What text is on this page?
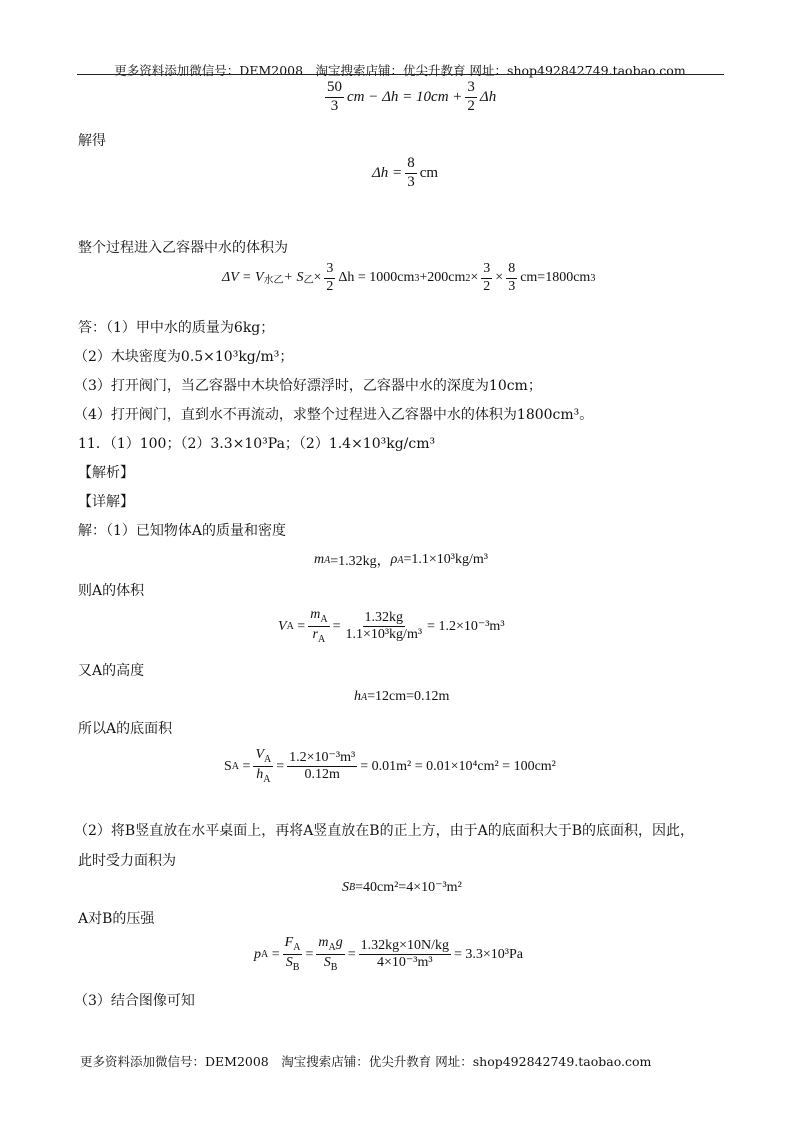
更多资料添加微信号：DEM2008　淘宝搜索店铺：优尖升教育 网址：shop492842749.taobao.com
$\frac{50}{3}$ cm − $\Delta h = 10cm + \frac{3}{2}$ Δh
解得
$\Delta h = \frac{8}{3}$ cm
整个过程进入乙容器中水的体积为
ΔV = V 水乙 + S 乙 × $\frac{3}{2}$ Δh = 1000cm 3 +200cm $2 \times \frac{3}{2} \times \frac{8}{3} cm=1800cm$ 3
答：（1）甲中水的质量为6kg；
（2）木块密度为0.5×10³kg/m³；
（3）打开阀门，当乙容器中木块恰好漂浮时，乙容器中水的深度为10cm；
（4）打开阀门，直到水不再流动，求整个过程进入乙容器中水的体积为1800cm³。
11．（1）100；（2）3.3×10³Pa；（2）1.4×10³kg/cm³
【解析】
【详解】
解：（1）已知物体A的质量和密度
m A =1.32kg， ρ A =1.1×10³kg/m³
则A的体积
V $A = \frac{m_A}{r_A} = \frac{1.32kg}{\text{1.1×10³kg/m³}} = 1.2\times 10^{-3}m^3$
又A的高度
h A =12cm=0.12m
所以A的底面积
S $A = \frac{V_A}{h_A} = \frac{\text{1.2×10⁻³m³}}{0.12m} = 0.01m^2 = 0.01\times 10^4cm^2 = 100cm^2$
（2）将B竖直放在水平桌面上，再将A竖直放在B的正上方，由于A的底面积大于B的底面积，因此，
此时受力面积为
S B =40cm²=4×10⁻³m²
A对B的压强
p $A = \frac{F_A}{S_B} = \frac{m_Ag}{S_B} = \frac{1.32kg\times 10N/kg}{\text{4×10⁻³m³}} = 3.3\times 10^3Pa$
（3）结合图像可知
更多资料添加微信号：DEM2008　淘宝搜索店铺：优尖升教育 网址：shop492842749.taobao.com
